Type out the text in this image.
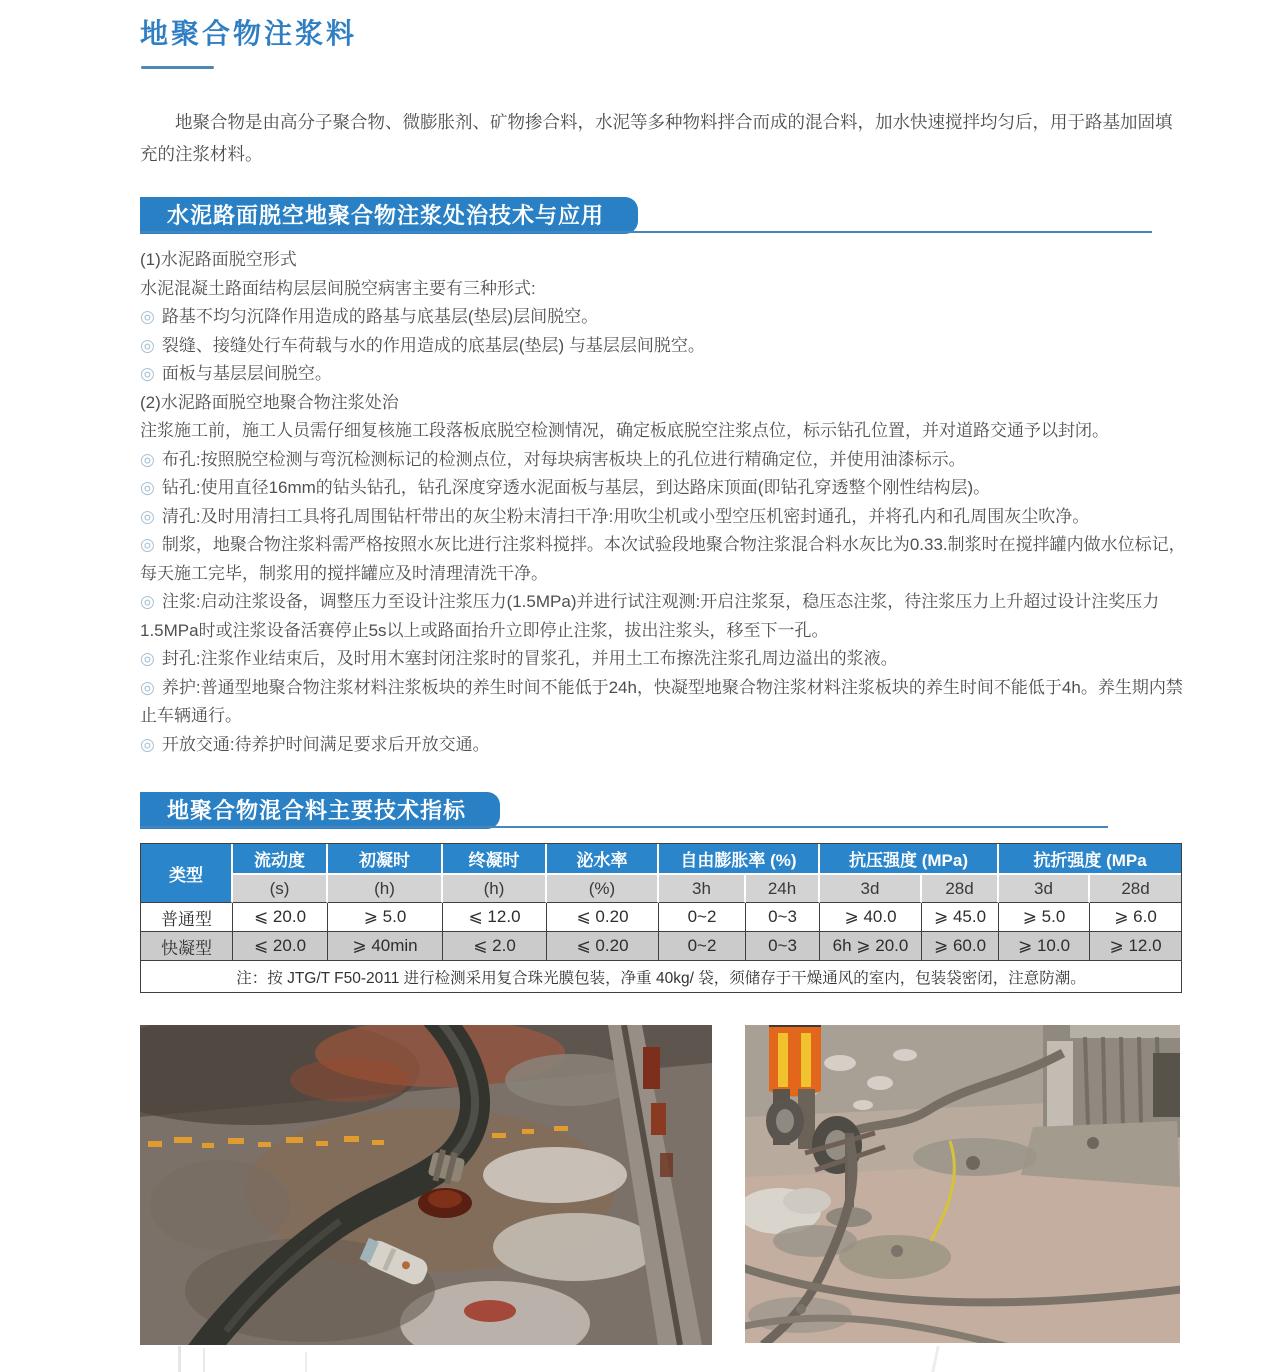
地聚合物注浆料

地聚合物是由高分子聚合物、微膨胀剂、矿物掺合料，水泥等多种物料拌合而成的混合料，加水快速搅拌均匀后，用于路基加固填充的注浆材料。

水泥路面脱空地聚合物注浆处治技术与应用

(1)水泥路面脱空形式

水泥混凝土路面结构层层间脱空病害主要有三种形式:

◎ 路基不均匀沉降作用造成的路基与底基层(垫层)层间脱空。

◎ 裂缝、接缝处行车荷载与水的作用造成的底基层(垫层) 与基层层间脱空。

◎ 面板与基层层间脱空。

(2)水泥路面脱空地聚合物注浆处治

注浆施工前，施工人员需仔细复核施工段落板底脱空检测情况，确定板底脱空注浆点位，标示钻孔位置，并对道路交通予以封闭。

◎ 布孔:按照脱空检测与弯沉检测标记的检测点位，对每块病害板块上的孔位进行精确定位，并使用油漆标示。

◎ 钻孔:使用直径16mm的钻头钻孔，钻孔深度穿透水泥面板与基层，到达路床顶面(即钻孔穿透整个刚性结构层)。

◎ 清孔:及时用清扫工具将孔周围钻杆带出的灰尘粉末清扫干净:用吹尘机或小型空压机密封通孔，并将孔内和孔周围灰尘吹净。

◎ 制浆，地聚合物注浆料需严格按照水灰比进行注浆料搅拌。本次试验段地聚合物注浆混合料水灰比为0.33.制浆时在搅拌罐内做水位标记，每天施工完毕，制浆用的搅拌罐应及时清理清洗干净。

◎ 注浆:启动注浆设备，调整压力至设计注浆压力(1.5MPa)并进行试注观测:开启注浆泵，稳压态注浆，待注浆压力上升超过设计注奖压力1.5MPa时或注浆设备活赛停止5s以上或路面抬升立即停止注浆，拔出注浆头，移至下一孔。

◎ 封孔:注浆作业结束后，及时用木塞封闭注浆时的冒浆孔，并用土工布擦洗注浆孔周边溢出的浆液。

◎ 养护:普通型地聚合物注浆材料注浆板块的养生时间不能低于24h，快凝型地聚合物注浆材料注浆板块的养生时间不能低于4h。养生期内禁止车辆通行。

◎ 开放交通:待养护时间满足要求后开放交通。

地聚合物混合料主要技术指标
类型	流动度	初凝时	终凝时	泌水率	自由膨胀率 (%)		抗压强度 (MPa)		抗折强度 (MPa	
	(s)	(h)	(h)	(%)	3h	24h	3d	28d	3d	28d
普通型	⩽ 20.0	⩾ 5.0	⩽ 12.0	⩽ 0.20	0~2	0~3	⩾ 40.0	⩾ 45.0	⩾ 5.0	⩾ 6.0
快凝型	⩽ 20.0	⩾ 40min	⩽ 2.0	⩽ 0.20	0~2	0~3	6h ⩾ 20.0	⩾ 60.0	⩾ 10.0	⩾ 12.0
注：按 JTG/T F50-2011 进行检测采用复合珠光膜包装，净重 40kg/ 袋，须储存于干燥通风的室内，包装袋密闭，注意防潮。										
